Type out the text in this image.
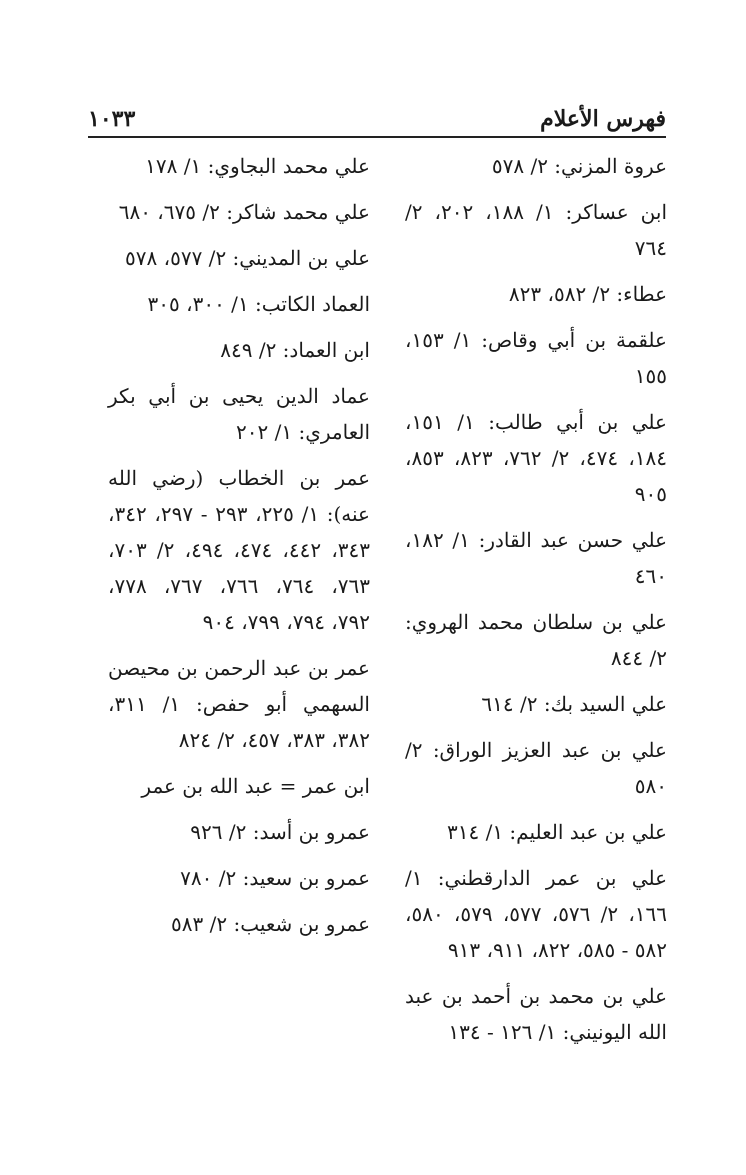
فهرس الأعلام
١٠٣٣
عروة المزني: ٢/ ٥٧٨
ابن عساكر: ١/ ١٨٨، ٢٠٢، ٢/ ٧٦٤
عطاء: ٢/ ٥٨٢، ٨٢٣
علقمة بن أبي وقاص: ١/ ١٥٣، ١٥٥
علي بن أبي طالب: ١/ ١٥١، ١٨٤، ٤٧٤، ٢/ ٧٦٢، ٨٢٣، ٨٥٣، ٩٠٥
علي حسن عبد القادر: ١/ ١٨٢، ٤٦٠
علي بن سلطان محمد الهروي: ٢/ ٨٤٤
علي السيد بك: ٢/ ٦١٤
علي بن عبد العزيز الوراق: ٢/ ٥٨٠
علي بن عبد العليم: ١/ ٣١٤
علي بن عمر الدارقطني: ١/ ١٦٦، ٢/ ٥٧٦، ٥٧٧، ٥٧٩، ٥٨٠، ٥٨٢ - ٥٨٥، ٨٢٢، ٩١١، ٩١٣
علي بن محمد بن أحمد بن عبد الله اليونيني: ١/ ١٢٦ - ١٣٤
علي محمد البجاوي: ١/ ١٧٨
علي محمد شاكر: ٢/ ٦٧٥، ٦٨٠
علي بن المديني: ٢/ ٥٧٧، ٥٧٨
العماد الكاتب: ١/ ٣٠٠، ٣٠٥
ابن العماد: ٢/ ٨٤٩
عماد الدين يحيى بن أبي بكر العامري: ١/ ٢٠٢
عمر بن الخطاب (رضي الله عنه): ١/ ٢٢٥، ٢٩٣ - ٢٩٧، ٣٤٢، ٣٤٣، ٤٤٢، ٤٧٤، ٤٩٤، ٢/ ٧٠٣، ٧٦٣، ٧٦٤، ٧٦٦، ٧٦٧، ٧٧٨، ٧٩٢، ٧٩٤، ٧٩٩، ٩٠٤
عمر بن عبد الرحمن بن محيصن السهمي أبو حفص: ١/ ٣١١، ٣٨٢، ٣٨٣، ٤٥٧، ٢/ ٨٢٤
ابن عمر = عبد الله بن عمر
عمرو بن أسد: ٢/ ٩٢٦
عمرو بن سعيد: ٢/ ٧٨٠
عمرو بن شعيب: ٢/ ٥٨٣
